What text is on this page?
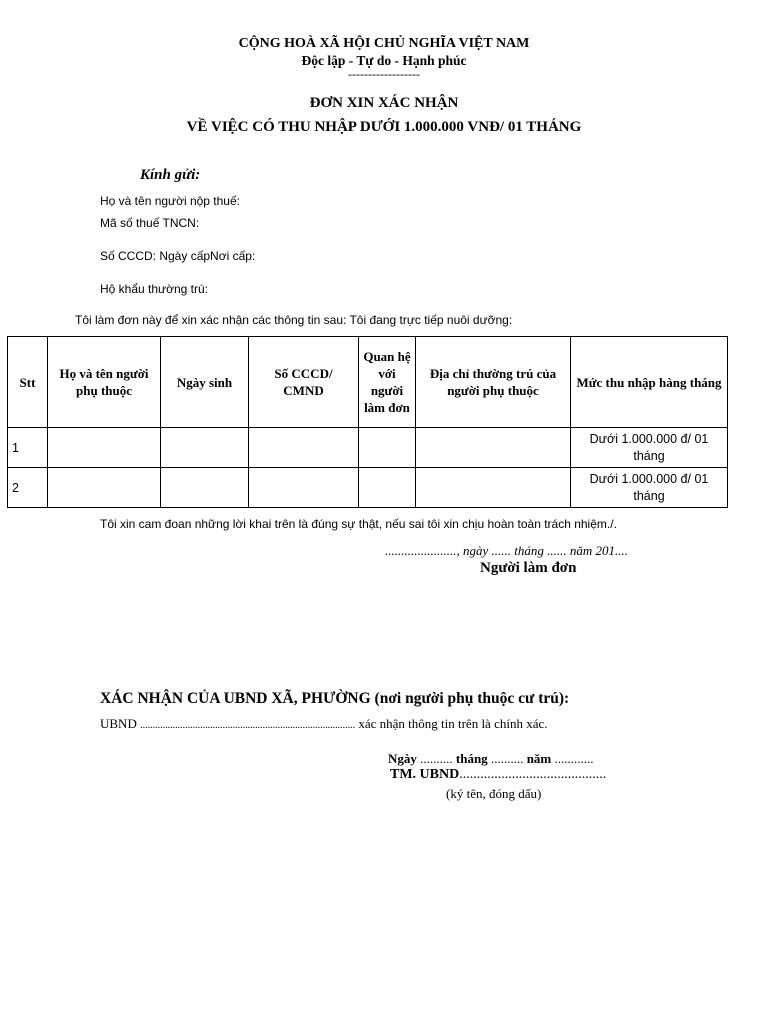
CỘNG HOÀ XÃ HỘI CHỦ NGHĨA VIỆT NAM
Độc lập - Tự do - Hạnh phúc
------------------
ĐƠN XIN XÁC NHẬN
VỀ VIỆC CÓ THU NHẬP DƯỚI 1.000.000 VNĐ/ 01 THÁNG
Kính gửi:
Họ và tên người nộp thuế:
Mã số thuế TNCN:
Số CCCD: Ngày cấpNơi cấp:
Hộ khẩu thường trú:
Tôi làm đơn này để xin xác nhận các thông tin sau: Tôi đang trực tiếp nuôi dưỡng:
Stt	Họ và tên người phụ thuộc	Ngày sinh	Số CCCD/ CMND	Quan hệ với người làm đơn	Địa chỉ thường trú của người phụ thuộc	Mức thu nhập hàng tháng
1						Dưới 1.000.000 đ/ 01 tháng
2						Dưới 1.000.000 đ/ 01 tháng
Tôi xin cam đoan những lời khai trên là đúng sự thật, nếu sai tôi xin chịu hoàn toàn trách nhiệm./.
......................, ngày ...... tháng ...... năm 201....
Người làm đơn
XÁC NHẬN CỦA UBND XÃ, PHƯỜNG (nơi người phụ thuộc cư trú):
UBND ...................................................................................... xác nhận thông tin trên là chính xác.
Ngày .......... tháng .......... năm ............
TM. UBND..........................................
(ký tên, đóng dấu)
